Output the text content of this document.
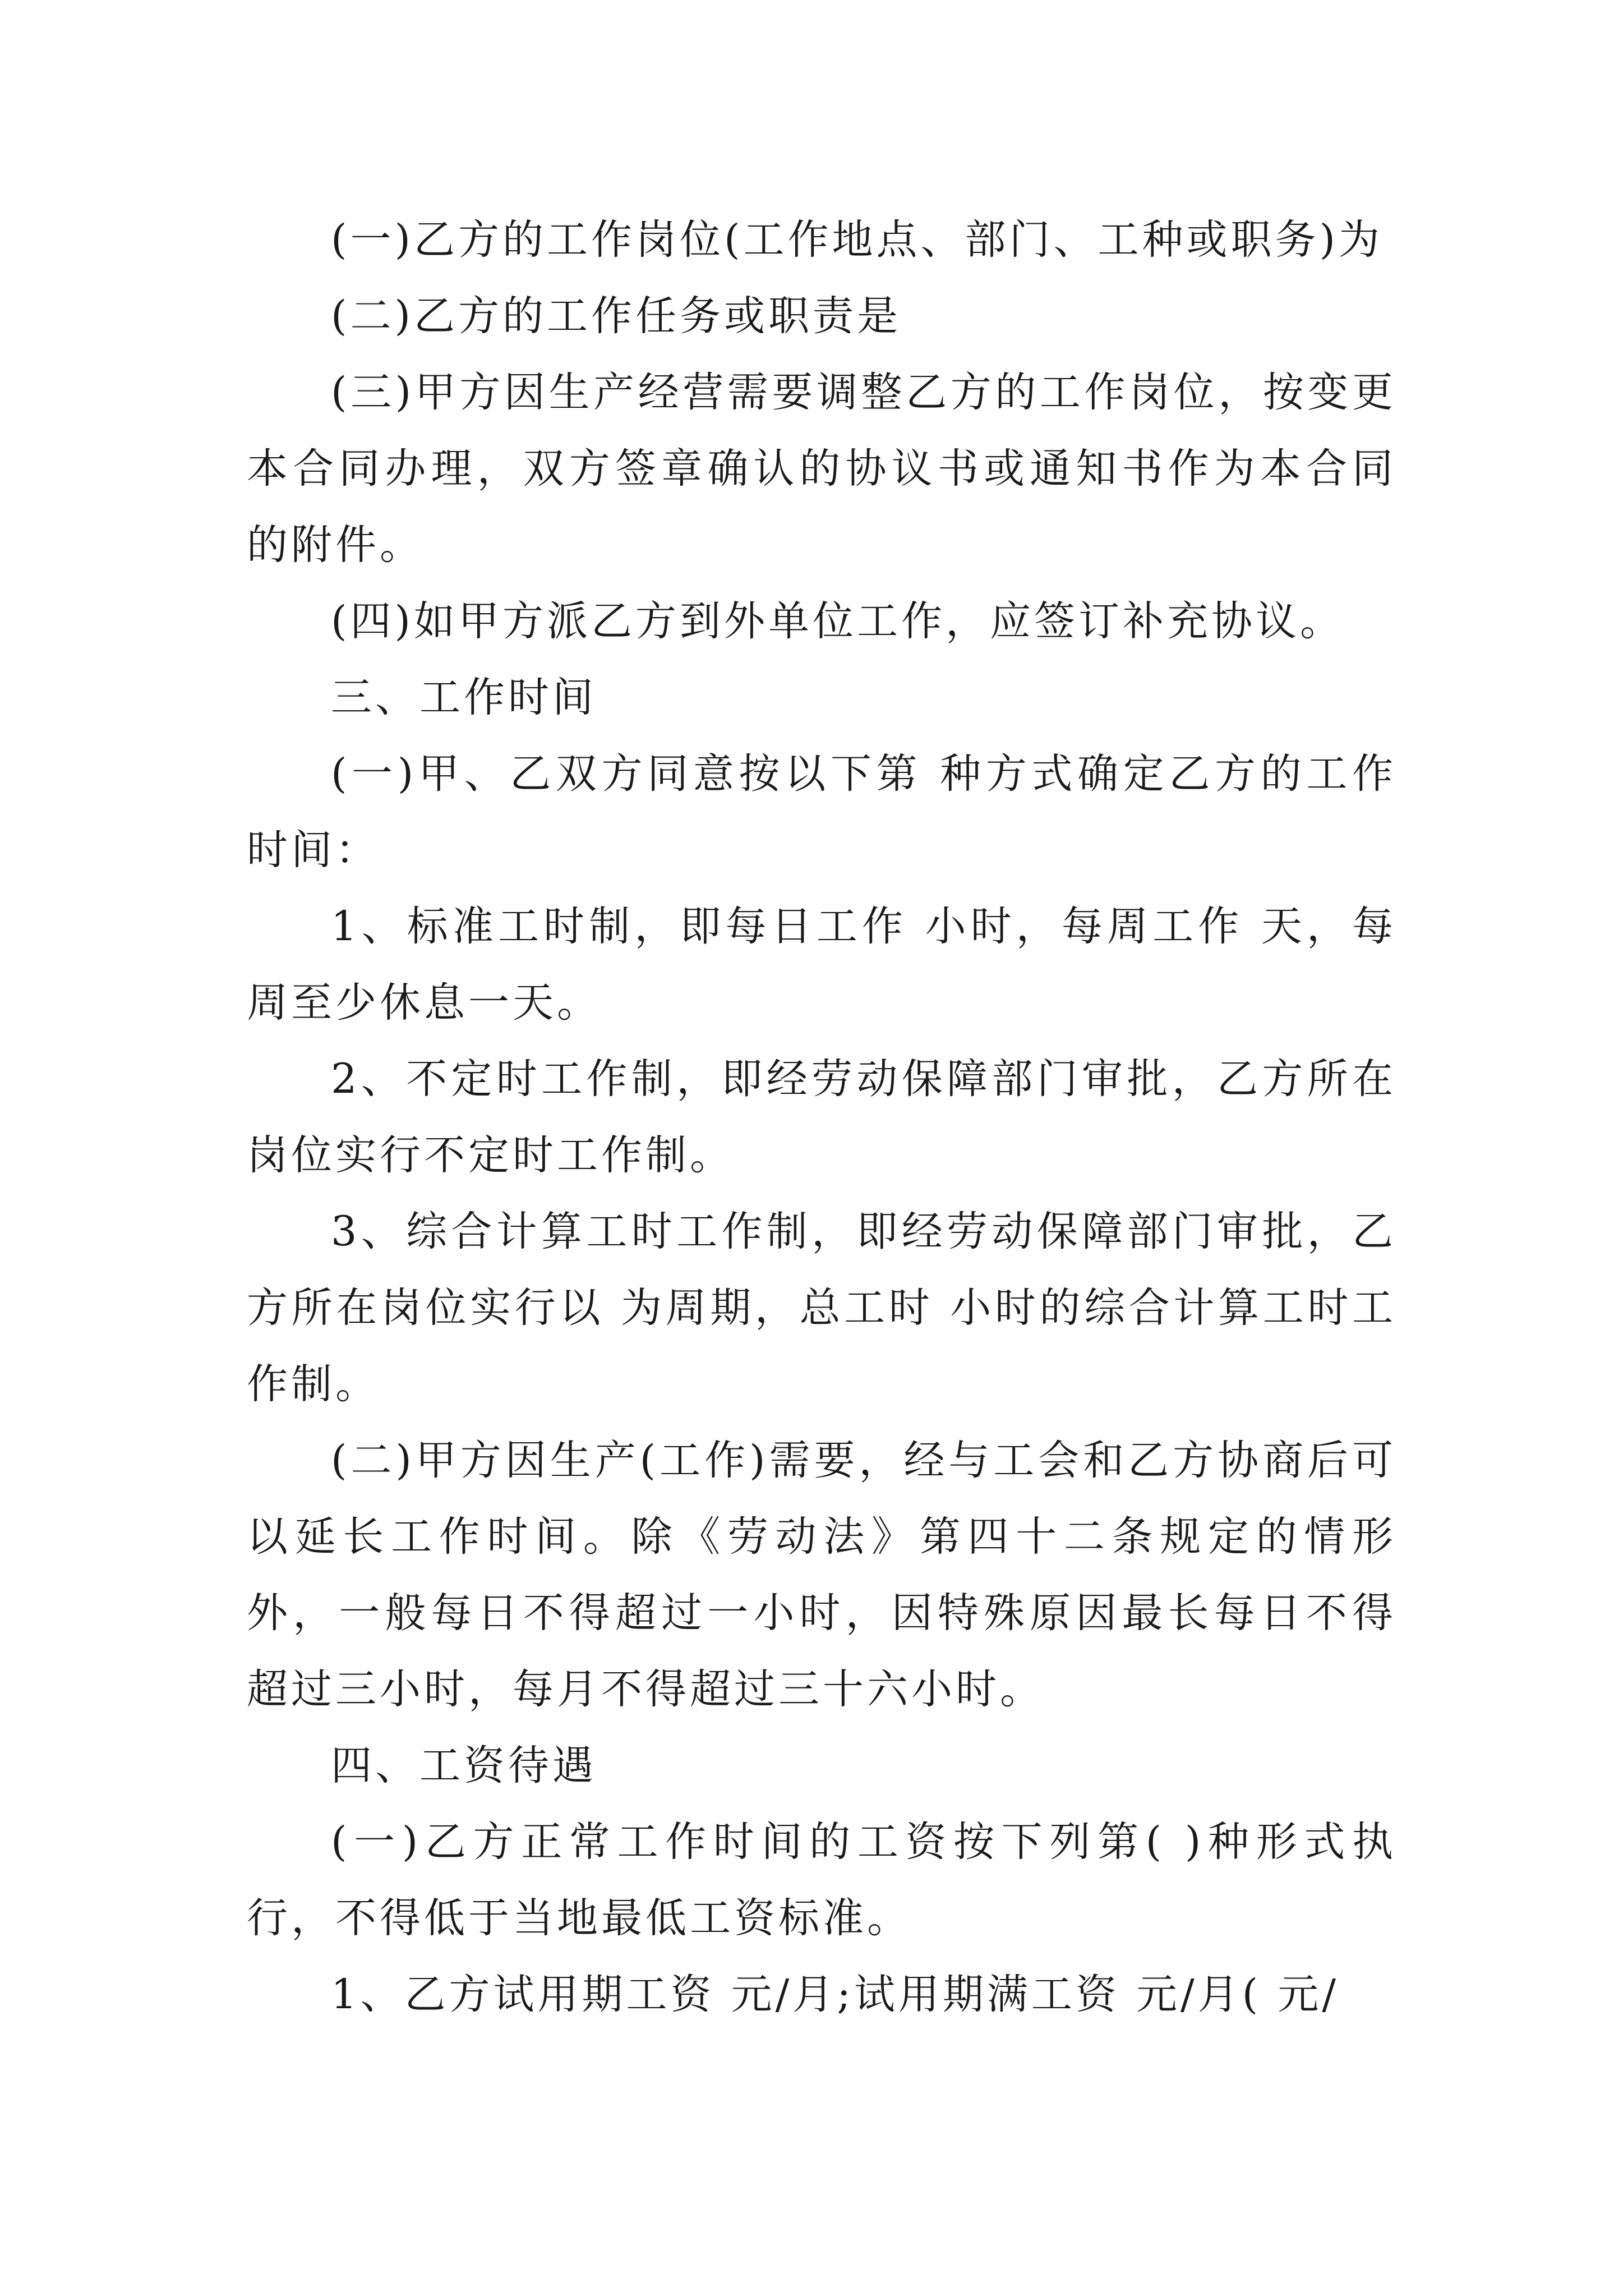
(一)乙方的工作岗位(工作地点、部门、工种或职务)为

(二)乙方的工作任务或职责是

(三)甲方因生产经营需要调整乙方的工作岗位，按变更本合同办理，双方签章确认的协议书或通知书作为本合同的附件。

(四)如甲方派乙方到外单位工作，应签订补充协议。

三、工作时间

(一)甲、乙双方同意按以下第 种方式确定乙方的工作时间：

1、标准工时制，即每日工作 小时，每周工作 天，每周至少休息一天。

2、不定时工作制，即经劳动保障部门审批，乙方所在岗位实行不定时工作制。

3、综合计算工时工作制，即经劳动保障部门审批，乙方所在岗位实行以 为周期，总工时 小时的综合计算工时工作制。

(二)甲方因生产(工作)需要，经与工会和乙方协商后可以延长工作时间。除《劳动法》第四十二条规定的情形外，一般每日不得超过一小时，因特殊原因最长每日不得超过三小时，每月不得超过三十六小时。

四、工资待遇

(一)乙方正常工作时间的工资按下列第( )种形式执行，不得低于当地最低工资标准。

1、乙方试用期工资 元/月;试用期满工资 元/月( 元/
